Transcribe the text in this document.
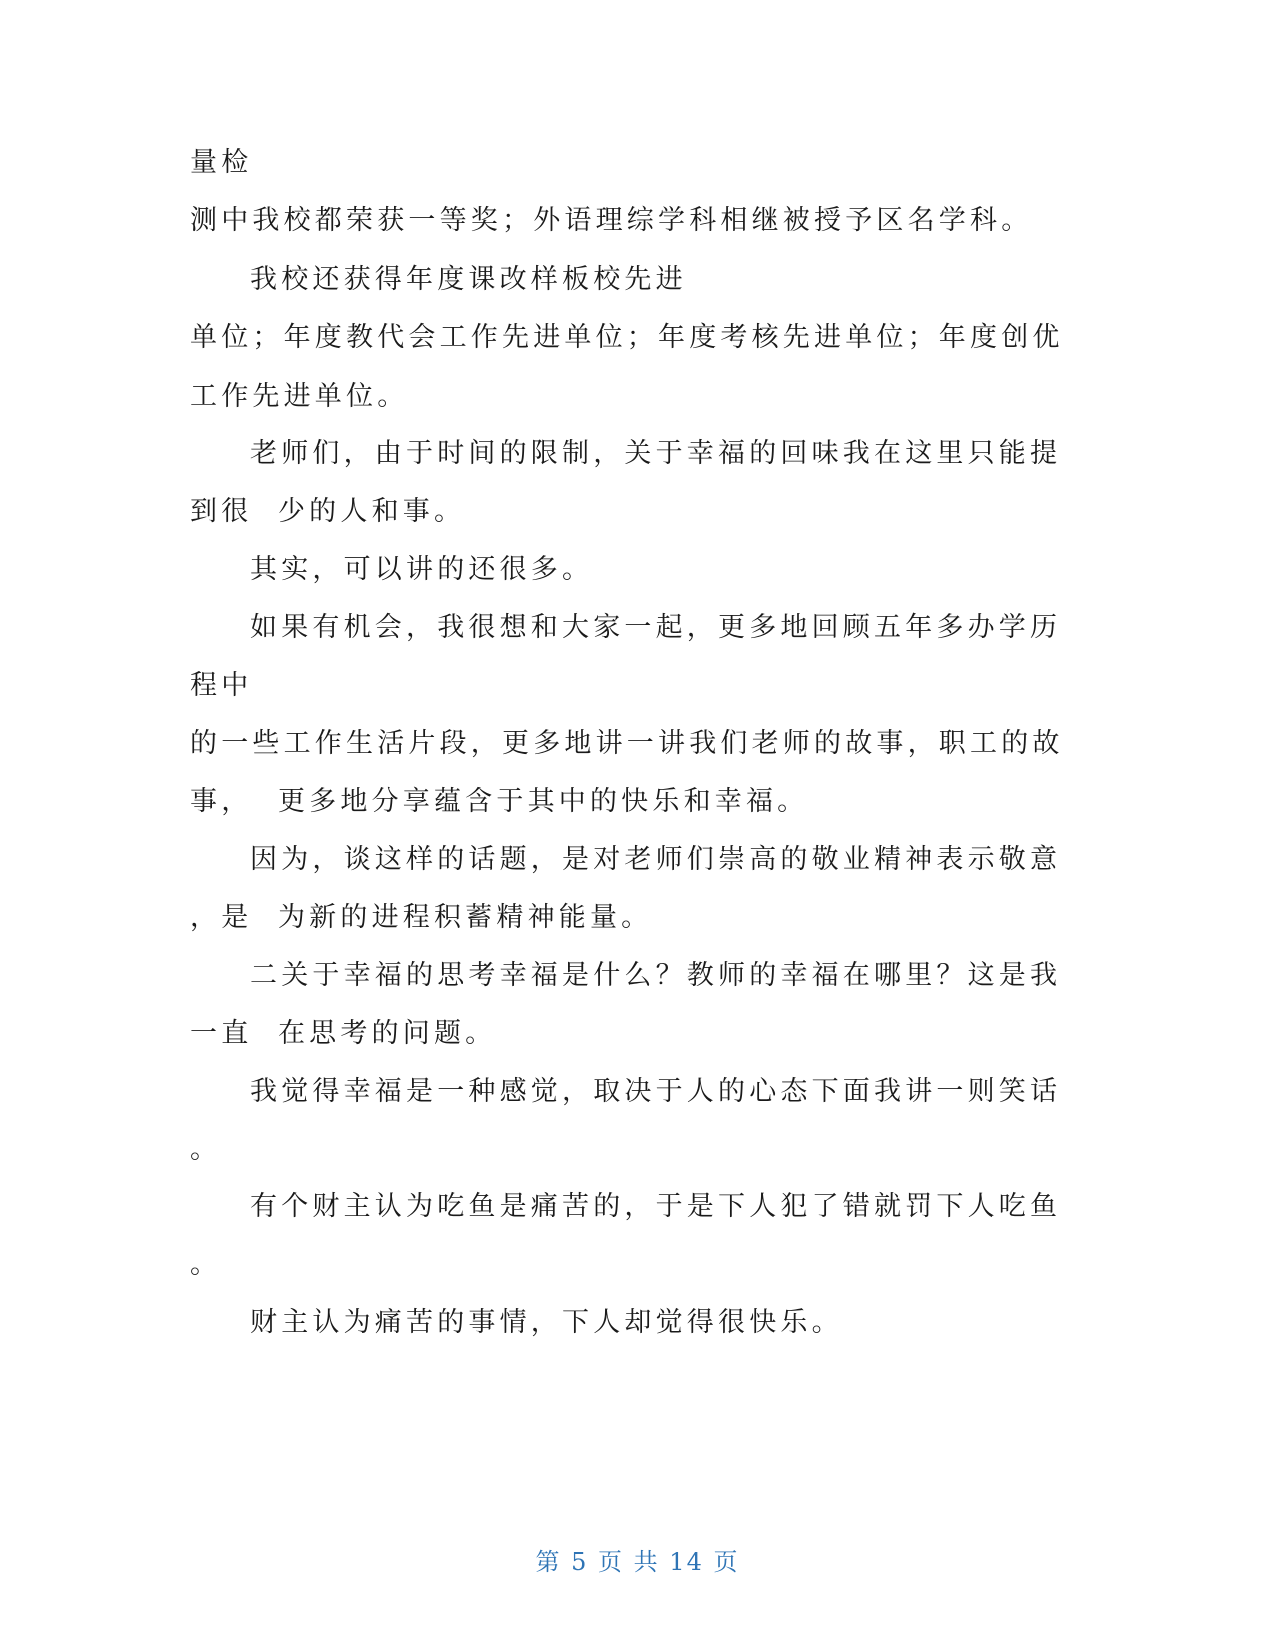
量检

测中我校都荣获一等奖；外语理综学科相继被授予区名学科。

我校还获得年度课改样板校先进

单位；年度教代会工作先进单位；年度考核先进单位；年度创优

工作先进单位。

老师们，由于时间的限制，关于幸福的回味我在这里只能提

到很  少的人和事。

其实，可以讲的还很多。

如果有机会，我很想和大家一起，更多地回顾五年多办学历

程中

的一些工作生活片段，更多地讲一讲我们老师的故事，职工的故

事，  更多地分享蕴含于其中的快乐和幸福。

因为，谈这样的话题，是对老师们崇高的敬业精神表示敬意

，是  为新的进程积蓄精神能量。

二关于幸福的思考幸福是什么？教师的幸福在哪里？这是我

一直  在思考的问题。

我觉得幸福是一种感觉，取决于人的心态下面我讲一则笑话

。

有个财主认为吃鱼是痛苦的，于是下人犯了错就罚下人吃鱼

。

财主认为痛苦的事情，下人却觉得很快乐。

第 5 页 共 14 页
